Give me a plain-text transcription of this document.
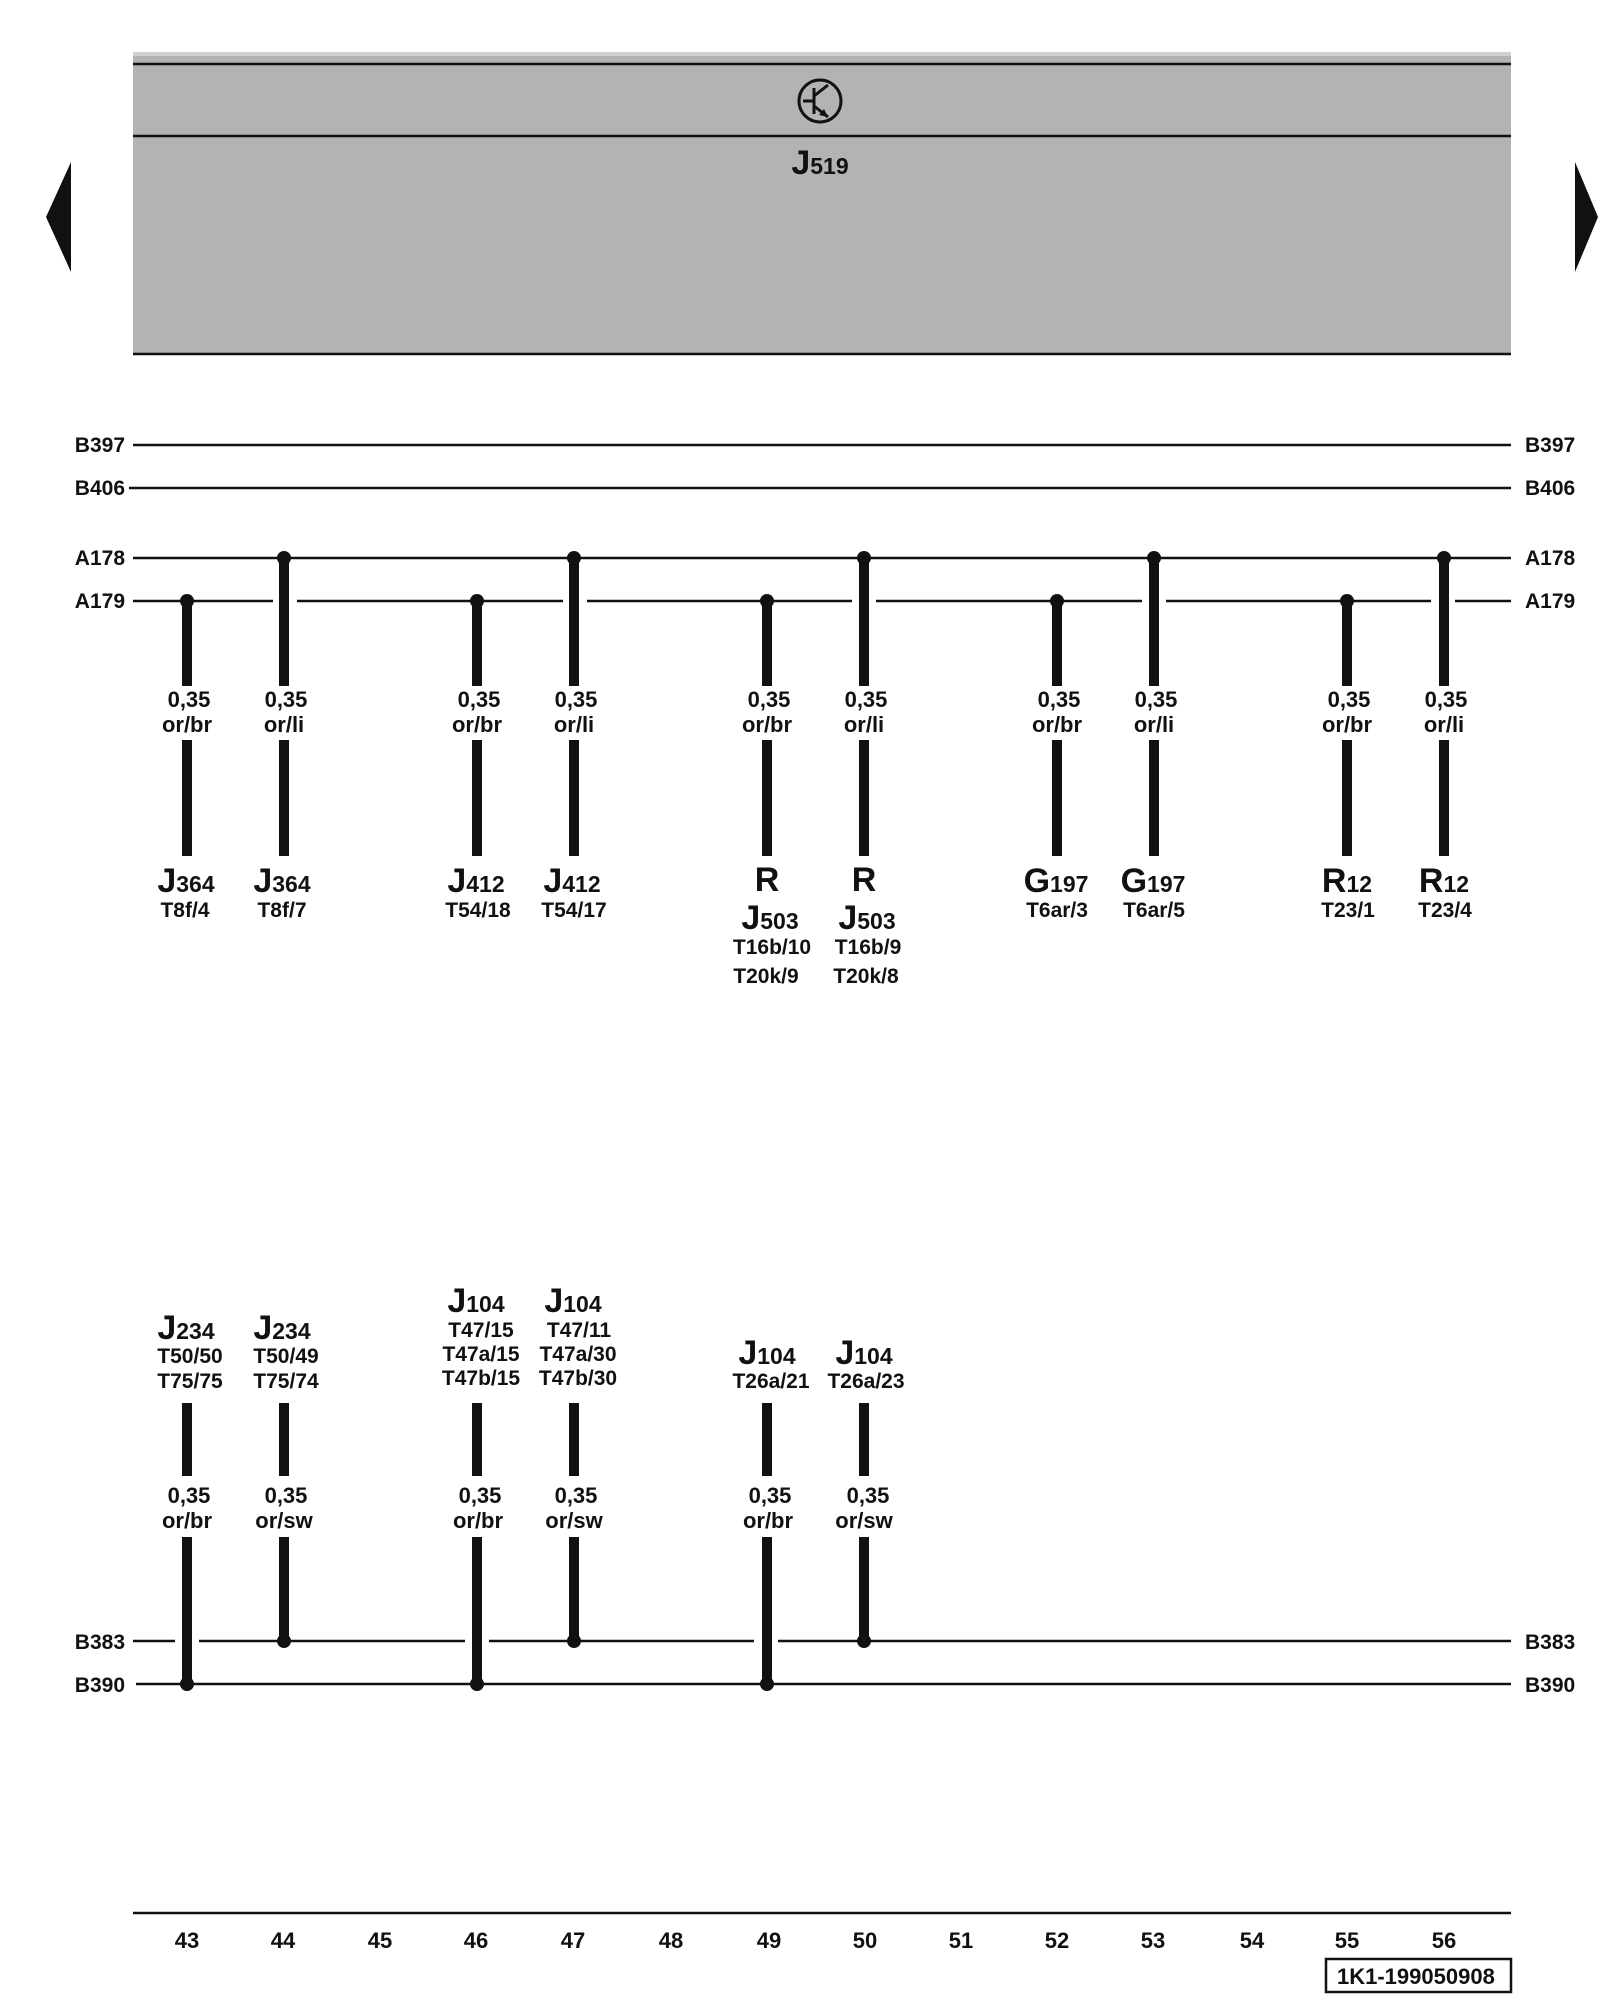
J519
B397	B397
B406	B406
A178	A178
A179	A179
B383	B383
B390	B390
0,35
or/br
J364
T8f/4
0,35
or/li
J364
T8f/7
0,35
or/br
J412
T54/18
0,35
or/li
J412
T54/17
0,35
or/br
R
J503
T16b/10
T20k/9
0,35
or/li
R
J503
T16b/9
T20k/8
0,35
or/br
G197
T6ar/3
0,35
or/li
G197
T6ar/5
0,35
or/br
R12
T23/1
0,35
or/li
R12
T23/4
J234
T50/50
T75/75
0,35
or/br
J234
T50/49
T75/74
0,35
or/sw
J104
T47/15
T47a/15
T47b/15
0,35
or/br
J104
T47/11
T47a/30
T47b/30
0,35
or/sw
J104
T26a/21
0,35
or/br
J104
T26a/23
0,35
or/sw
43	44	45	46	47	48	49	50	51	52	53	54	55	56
1K1-199050908
